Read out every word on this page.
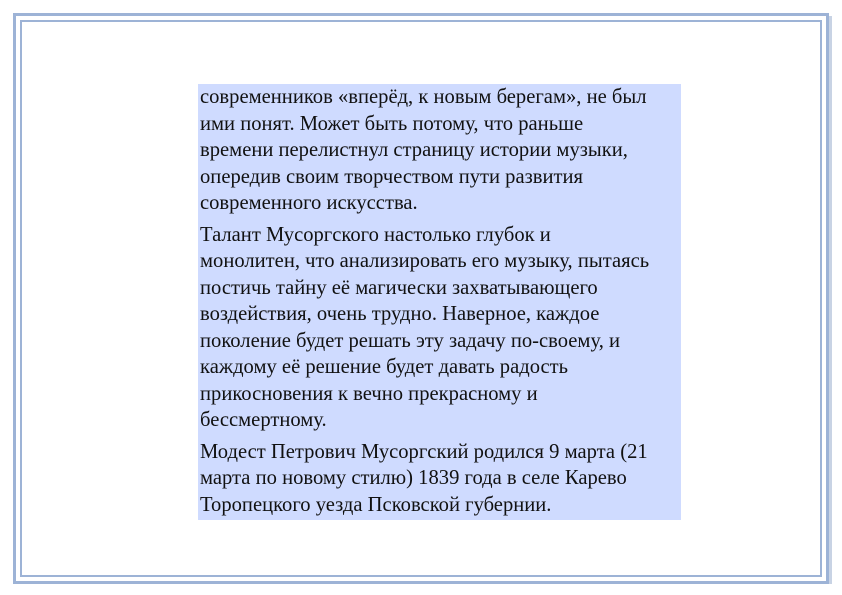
современников «вперёд, к новым берегам», не был
ими понят. Может быть потому, что раньше
времени перелистнул страницу истории музыки,
опередив своим творчеством пути развития
современного искусства.

Талант Мусоргского настолько глубок и
монолитен, что анализировать его музыку, пытаясь
постичь тайну её магически захватывающего
воздействия, очень трудно. Наверное, каждое
поколение будет решать эту задачу по-своему, и
каждому её решение будет давать радость
прикосновения к вечно прекрасному и
бессмертному.

Модест Петрович Мусоргский родился 9 марта (21
марта по новому стилю) 1839 года в селе Карево
Торопецкого уезда Псковской губернии.
